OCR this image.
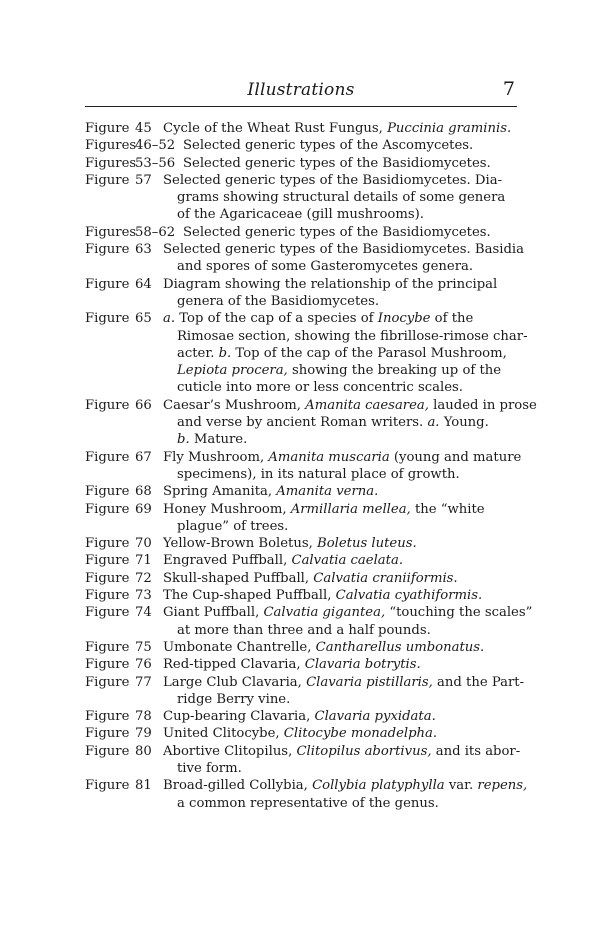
Illustrations	7
Figure 45 Cycle of the Wheat Rust Fungus, Puccinia graminis.
Figures
46–52 Selected generic types of the Ascomycetes.
Figures
53–56 Selected generic types of the Basidiomycetes.
Figure 57 Selected generic types of the Basidiomycetes. Dia-
grams showing structural details of some genera
of the Agaricaceae (gill mushrooms).
Figures
58–62 Selected generic types of the Basidiomycetes.
Figure 63 Selected generic types of the Basidiomycetes. Basidia
and spores of some Gasteromycetes genera.
Figure 64 Diagram showing the relationship of the principal
genera of the Basidiomycetes.
Figure 65 a. Top of the cap of a species of Inocybe of the
Rimosae section, showing the fibrillose-rimose char-
acter. b. Top of the cap of the Parasol Mushroom,
Lepiota procera, showing the breaking up of the
cuticle into more or less concentric scales.
Figure 66 Caesar’s Mushroom, Amanita caesarea, lauded in prose
and verse by ancient Roman writers. a. Young.
b. Mature.
Figure 67 Fly Mushroom, Amanita muscaria (young and mature
specimens), in its natural place of growth.
Figure 68 Spring Amanita, Amanita verna.
Figure 69 Honey Mushroom, Armillaria mellea, the “white
plague” of trees.
Figure 70 Yellow-Brown Boletus, Boletus luteus.
Figure 71 Engraved Puffball, Calvatia caelata.
Figure 72 Skull-shaped Puffball, Calvatia craniiformis.
Figure 73 The Cup-shaped Puffball, Calvatia cyathiformis.
Figure 74 Giant Puffball, Calvatia gigantea, “touching the scales”
at more than three and a half pounds.
Figure 75 Umbonate Chantrelle, Cantharellus umbonatus.
Figure 76 Red-tipped Clavaria, Clavaria botrytis.
Figure 77 Large Club Clavaria, Clavaria pistillaris, and the Part-
ridge Berry vine.
Figure 78 Cup-bearing Clavaria, Clavaria pyxidata.
Figure 79 United Clitocybe, Clitocybe monadelpha.
Figure 80 Abortive Clitopilus, Clitopilus abortivus, and its abor-
tive form.
Figure 81 Broad-gilled Collybia, Collybia platyphylla var. repens,
a common representative of the genus.
